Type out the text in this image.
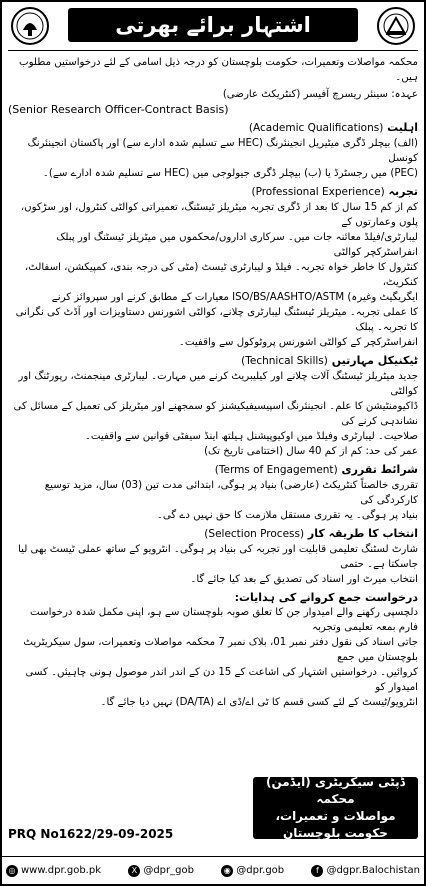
اشتہار برائے بھرتی

محکمہ مواصلات وتعمیرات، حکومت بلوچستان کو درجہ ذیل اسامی کے لئے درخواستیں مطلوب ہیں۔

عہدہ: سینئر ریسرچ آفیسر (کنٹریکٹ عارضی)
(Senior Research Officer-Contract Basis)
اہلیت (Academic Qualifications)

(الف) بیچلر ڈگری میٹیریل انجینئرنگ (HEC سے تسلیم شدہ ادارے سے) اور پاکستان انجینئرنگ کونسل

(PEC) میں رجسٹرڈ یا (ب) بیچلر ڈگری جیولوجی میں (HEC سے تسلیم شدہ ادارے سے)۔

تجربہ (Professional Experience)

کم از کم 15 سال کا بعد از ڈگری تجربہ میٹریلز ٹیسٹنگ، تعمیراتی کوالٹی کنٹرول، اور سڑکوں، پلوں وعمارتوں کے

لیبارٹری/فیلڈ معائنہ جات میں۔ سرکاری اداروں/محکموں میں میٹریلز ٹیسٹنگ اور پبلک انفراسٹرکچر کوالٹی

کنٹرول کا خاطر خواہ تجربہ۔ فیلڈ و لیبارٹری ٹیسٹ (مٹی کی درجہ بندی، کمپیکشن، اسفالٹ، کنکریٹ،

ایگریگیٹ وغیرہ) ISO/BS/AASHTO/ASTM معیارات کے مطابق کرنے اور سپروائز کرنے

کا عملی تجربہ۔ میٹریلز ٹیسٹنگ لیبارٹری چلانے، کوالٹی اشورنس دستاویزات اور آڈٹ کی نگرانی کا تجربہ۔ پبلک

انفراسٹرکچر کے کوالٹی اشورنس پروٹوکول سے واقفیت۔

ٹیکنیکل مہارتیں (Technical Skills)

جدید میٹریلز ٹیسٹنگ آلات چلانے اور کیلیبریٹ کرنے میں مہارت۔ لیبارٹری مینجمنٹ، رپورٹنگ اور کوالٹی

ڈاکیومنٹیشن کا علم۔ انجینئرنگ اسپیسیفیکیشنز کو سمجھنے اور میٹریلز کی تعمیل کے مسائل کی نشاندہی کرنے کی

صلاحیت۔ لیبارٹری وفیلڈ میں اوکیوپیشنل ہیلتھ اینڈ سیفٹی قوانین سے واقفیت۔

عمر کی حد: کم از کم 40 سال (اختتامی تاریخ تک)

شرائط تقرری (Terms of Engagement)

تقرری خالصتاً کنٹریکٹ (عارضی) بنیاد پر ہوگی، ابتدائی مدت تین (03) سال، مزید توسیع کارکردگی کی

بنیاد پر ہوگی۔ یہ تقرری مستقل ملازمت کا حق نہیں دے گی۔

انتخاب کا طریقہ کار (Selection Process)

شارٹ لسٹنگ تعلیمی قابلیت اور تجربہ کی بنیاد پر ہوگی۔ انٹرویو کے ساتھ عملی ٹیسٹ بھی لیا جاسکتا ہے۔ حتمی

انتخاب میرٹ اور اسناد کی تصدیق کے بعد کیا جائے گا۔

درخواست جمع کروانے کی ہدایات:

دلچسپی رکھنے والے امیدوار جن کا تعلق صوبہ بلوچستان سے ہو، اپنی مکمل شدہ درخواست فارم بمعہ تعلیمی وتجربہ

جاتی اسناد کی نقول دفتر نمبر 01، بلاک نمبر 7 محکمہ مواصلات وتعمیرات، سول سیکریٹریٹ بلوچستان میں جمع

کروائیں۔ درخواستیں اشتہار کی اشاعت کے 15 دن کے اندر اندر موصول ہونی چاہیئں۔ کسی امیدوار کو

انٹرویو/ٹیسٹ کے لئے کسی قسم کا ٹی اے/ڈی اے (DA/TA) نہیں دیا جائے گا۔

ڈپٹی سیکریٹری (ایڈمن) محکمہ
مواصلات و تعمیرات، حکومت بلوچستان
PRQ No1622/29-09-2025
◎ www.dpr.gob.pk	X @dpr_gob	◉ @dpr.gob	f @dgpr.Balochistan
